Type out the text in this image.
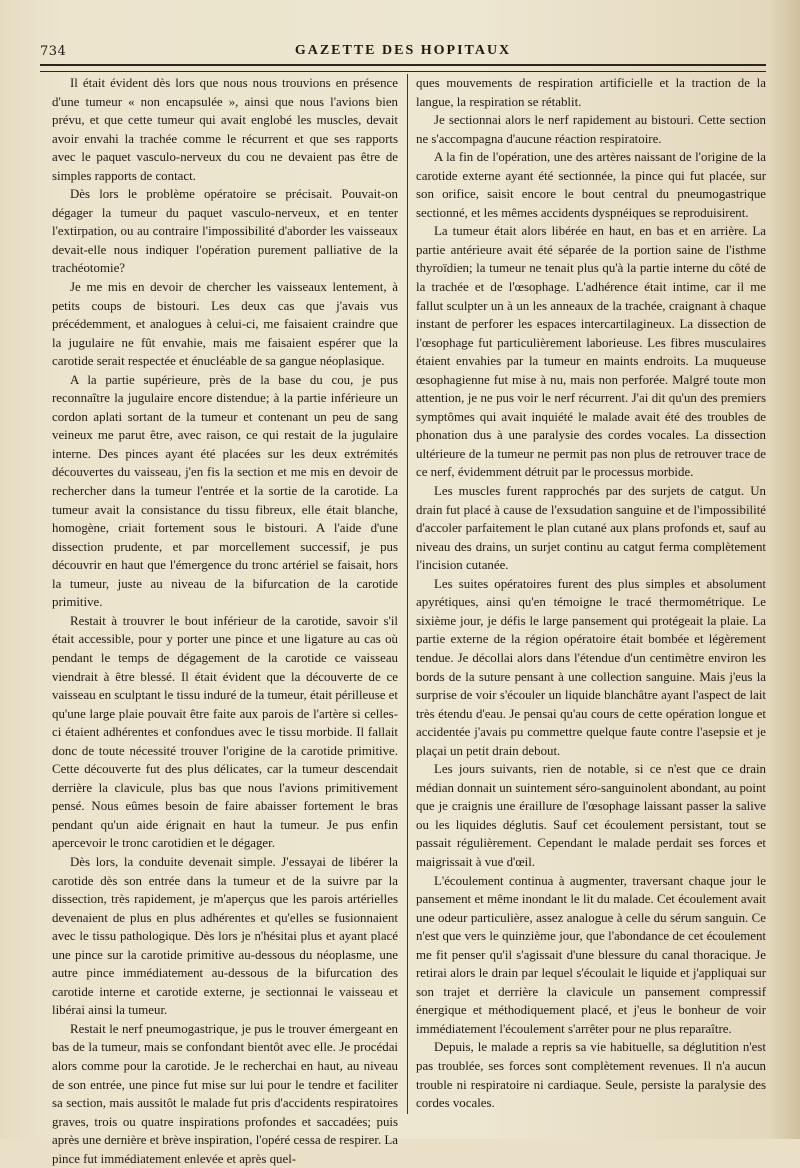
734	GAZETTE DES HOPITAUX

Il était évident dès lors que nous nous trouvions en présence d'une tumeur « non encapsulée », ainsi que nous l'avions bien prévu, et que cette tumeur qui avait englobé les muscles, devait avoir envahi la trachée comme le récurrent et que ses rapports avec le paquet vasculo-nerveux du cou ne devaient pas être de simples rapports de contact.

Dès lors le problème opératoire se précisait. Pouvait-on dégager la tumeur du paquet vasculo-nerveux, et en tenter l'extirpation, ou au contraire l'impossibilité d'aborder les vaisseaux devait-elle nous indiquer l'opération purement palliative de la trachéotomie?

Je me mis en devoir de chercher les vaisseaux lentement, à petits coups de bistouri. Les deux cas que j'avais vus précédemment, et analogues à celui-ci, me faisaient craindre que la jugulaire ne fût envahie, mais me faisaient espérer que la carotide serait respectée et énucléable de sa gangue néoplasique.

A la partie supérieure, près de la base du cou, je pus reconnaître la jugulaire encore distendue; à la partie inférieure un cordon aplati sortant de la tumeur et contenant un peu de sang veineux me parut être, avec raison, ce qui restait de la jugulaire interne. Des pinces ayant été placées sur les deux extrémités découvertes du vaisseau, j'en fis la section et me mis en devoir de rechercher dans la tumeur l'entrée et la sortie de la carotide. La tumeur avait la consistance du tissu fibreux, elle était blanche, homogène, criait fortement sous le bistouri. A l'aide d'une dissection prudente, et par morcellement successif, je pus découvrir en haut que l'émergence du tronc artériel se faisait, hors la tumeur, juste au niveau de la bifurcation de la carotide primitive.

Restait à trouvrer le bout inférieur de la carotide, savoir s'il était accessible, pour y porter une pince et une ligature au cas où pendant le temps de dégagement de la carotide ce vaisseau viendrait à être blessé. Il était évident que la découverte de ce vaisseau en sculptant le tissu induré de la tumeur, était périlleuse et qu'une large plaie pouvait être faite aux parois de l'artère si celles-ci étaient adhérentes et confondues avec le tissu morbide. Il fallait donc de toute nécessité trouver l'origine de la carotide primitive. Cette découverte fut des plus délicates, car la tumeur descendait derrière la clavicule, plus bas que nous l'avions primitivement pensé. Nous eûmes besoin de faire abaisser fortement le bras pendant qu'un aide érignait en haut la tumeur. Je pus enfin apercevoir le tronc carotidien et le dégager.

Dès lors, la conduite devenait simple. J'essayai de libérer la carotide dès son entrée dans la tumeur et de la suivre par la dissection, très rapidement, je m'aperçus que les parois artérielles devenaient de plus en plus adhérentes et qu'elles se fusionnaient avec le tissu pathologique. Dès lors je n'hésitai plus et ayant placé une pince sur la carotide primitive au-dessous du néoplasme, une autre pince immédiatement au-dessous de la bifurcation des carotide interne et carotide externe, je sectionnai le vaisseau et libérai ainsi la tumeur.

Restait le nerf pneumogastrique, je pus le trouver émergeant en bas de la tumeur, mais se confondant bientôt avec elle. Je procédai alors comme pour la carotide. Je le recherchai en haut, au niveau de son entrée, une pince fut mise sur lui pour le tendre et faciliter sa section, mais aussitôt le malade fut pris d'accidents respiratoires graves, trois ou quatre inspirations profondes et saccadées; puis après une dernière et brève inspiration, l'opéré cessa de respirer. La pince fut immédiatement enlevée et après quel-

ques mouvements de respiration artificielle et la traction de la langue, la respiration se rétablit.

Je sectionnai alors le nerf rapidement au bistouri. Cette section ne s'accompagna d'aucune réaction respiratoire.

A la fin de l'opération, une des artères naissant de l'origine de la carotide externe ayant été sectionnée, la pince qui fut placée, sur son orifice, saisit encore le bout central du pneumogastrique sectionné, et les mêmes accidents dyspnéiques se reproduisirent.

La tumeur était alors libérée en haut, en bas et en arrière. La partie antérieure avait été séparée de la portion saine de l'isthme thyroïdien; la tumeur ne tenait plus qu'à la partie interne du côté de la trachée et de l'œsophage. L'adhérence était intime, car il me fallut sculpter un à un les anneaux de la trachée, craignant à chaque instant de perforer les espaces intercartilagineux. La dissection de l'œsophage fut particulièrement laborieuse. Les fibres musculaires étaient envahies par la tumeur en maints endroits. La muqueuse œsophagienne fut mise à nu, mais non perforée. Malgré toute mon attention, je ne pus voir le nerf récurrent. J'ai dit qu'un des premiers symptômes qui avait inquiété le malade avait été des troubles de phonation dus à une paralysie des cordes vocales. La dissection ultérieure de la tumeur ne permit pas non plus de retrouver trace de ce nerf, évidemment détruit par le processus morbide.

Les muscles furent rapprochés par des surjets de catgut. Un drain fut placé à cause de l'exsudation sanguine et de l'impossibilité d'accoler parfaitement le plan cutané aux plans profonds et, sauf au niveau des drains, un surjet continu au catgut ferma complètement l'incision cutanée.

Les suites opératoires furent des plus simples et absolument apyrétiques, ainsi qu'en témoigne le tracé thermométrique. Le sixième jour, je défis le large pansement qui protégeait la plaie. La partie externe de la région opératoire était bombée et légèrement tendue. Je décollai alors dans l'étendue d'un centimètre environ les bords de la suture pensant à une collection sanguine. Mais j'eus la surprise de voir s'écouler un liquide blanchâtre ayant l'aspect de lait très étendu d'eau. Je pensai qu'au cours de cette opération longue et accidentée j'avais pu commettre quelque faute contre l'asepsie et je plaçai un petit drain debout.

Les jours suivants, rien de notable, si ce n'est que ce drain médian donnait un suintement séro-sanguinolent abondant, au point que je craignis une éraillure de l'œsophage laissant passer la salive ou les liquides déglutis. Sauf cet écoulement persistant, tout se passait régulièrement. Cependant le malade perdait ses forces et maigrissait à vue d'œil.

L'écoulement continua à augmenter, traversant chaque jour le pansement et même inondant le lit du malade. Cet écoulement avait une odeur particulière, assez analogue à celle du sérum sanguin. Ce n'est que vers le quinzième jour, que l'abondance de cet écoulement me fit penser qu'il s'agissait d'une blessure du canal thoracique. Je retirai alors le drain par lequel s'écoulait le liquide et j'appliquai sur son trajet et derrière la clavicule un pansement compressif énergique et méthodiquement placé, et j'eus le bonheur de voir immédiatement l'écoulement s'arrêter pour ne plus reparaître.

Depuis, le malade a repris sa vie habituelle, sa déglutition n'est pas troublée, ses forces sont complètement revenues. Il n'a aucun trouble ni respiratoire ni cardiaque. Seule, persiste la paralysie des cordes vocales.
